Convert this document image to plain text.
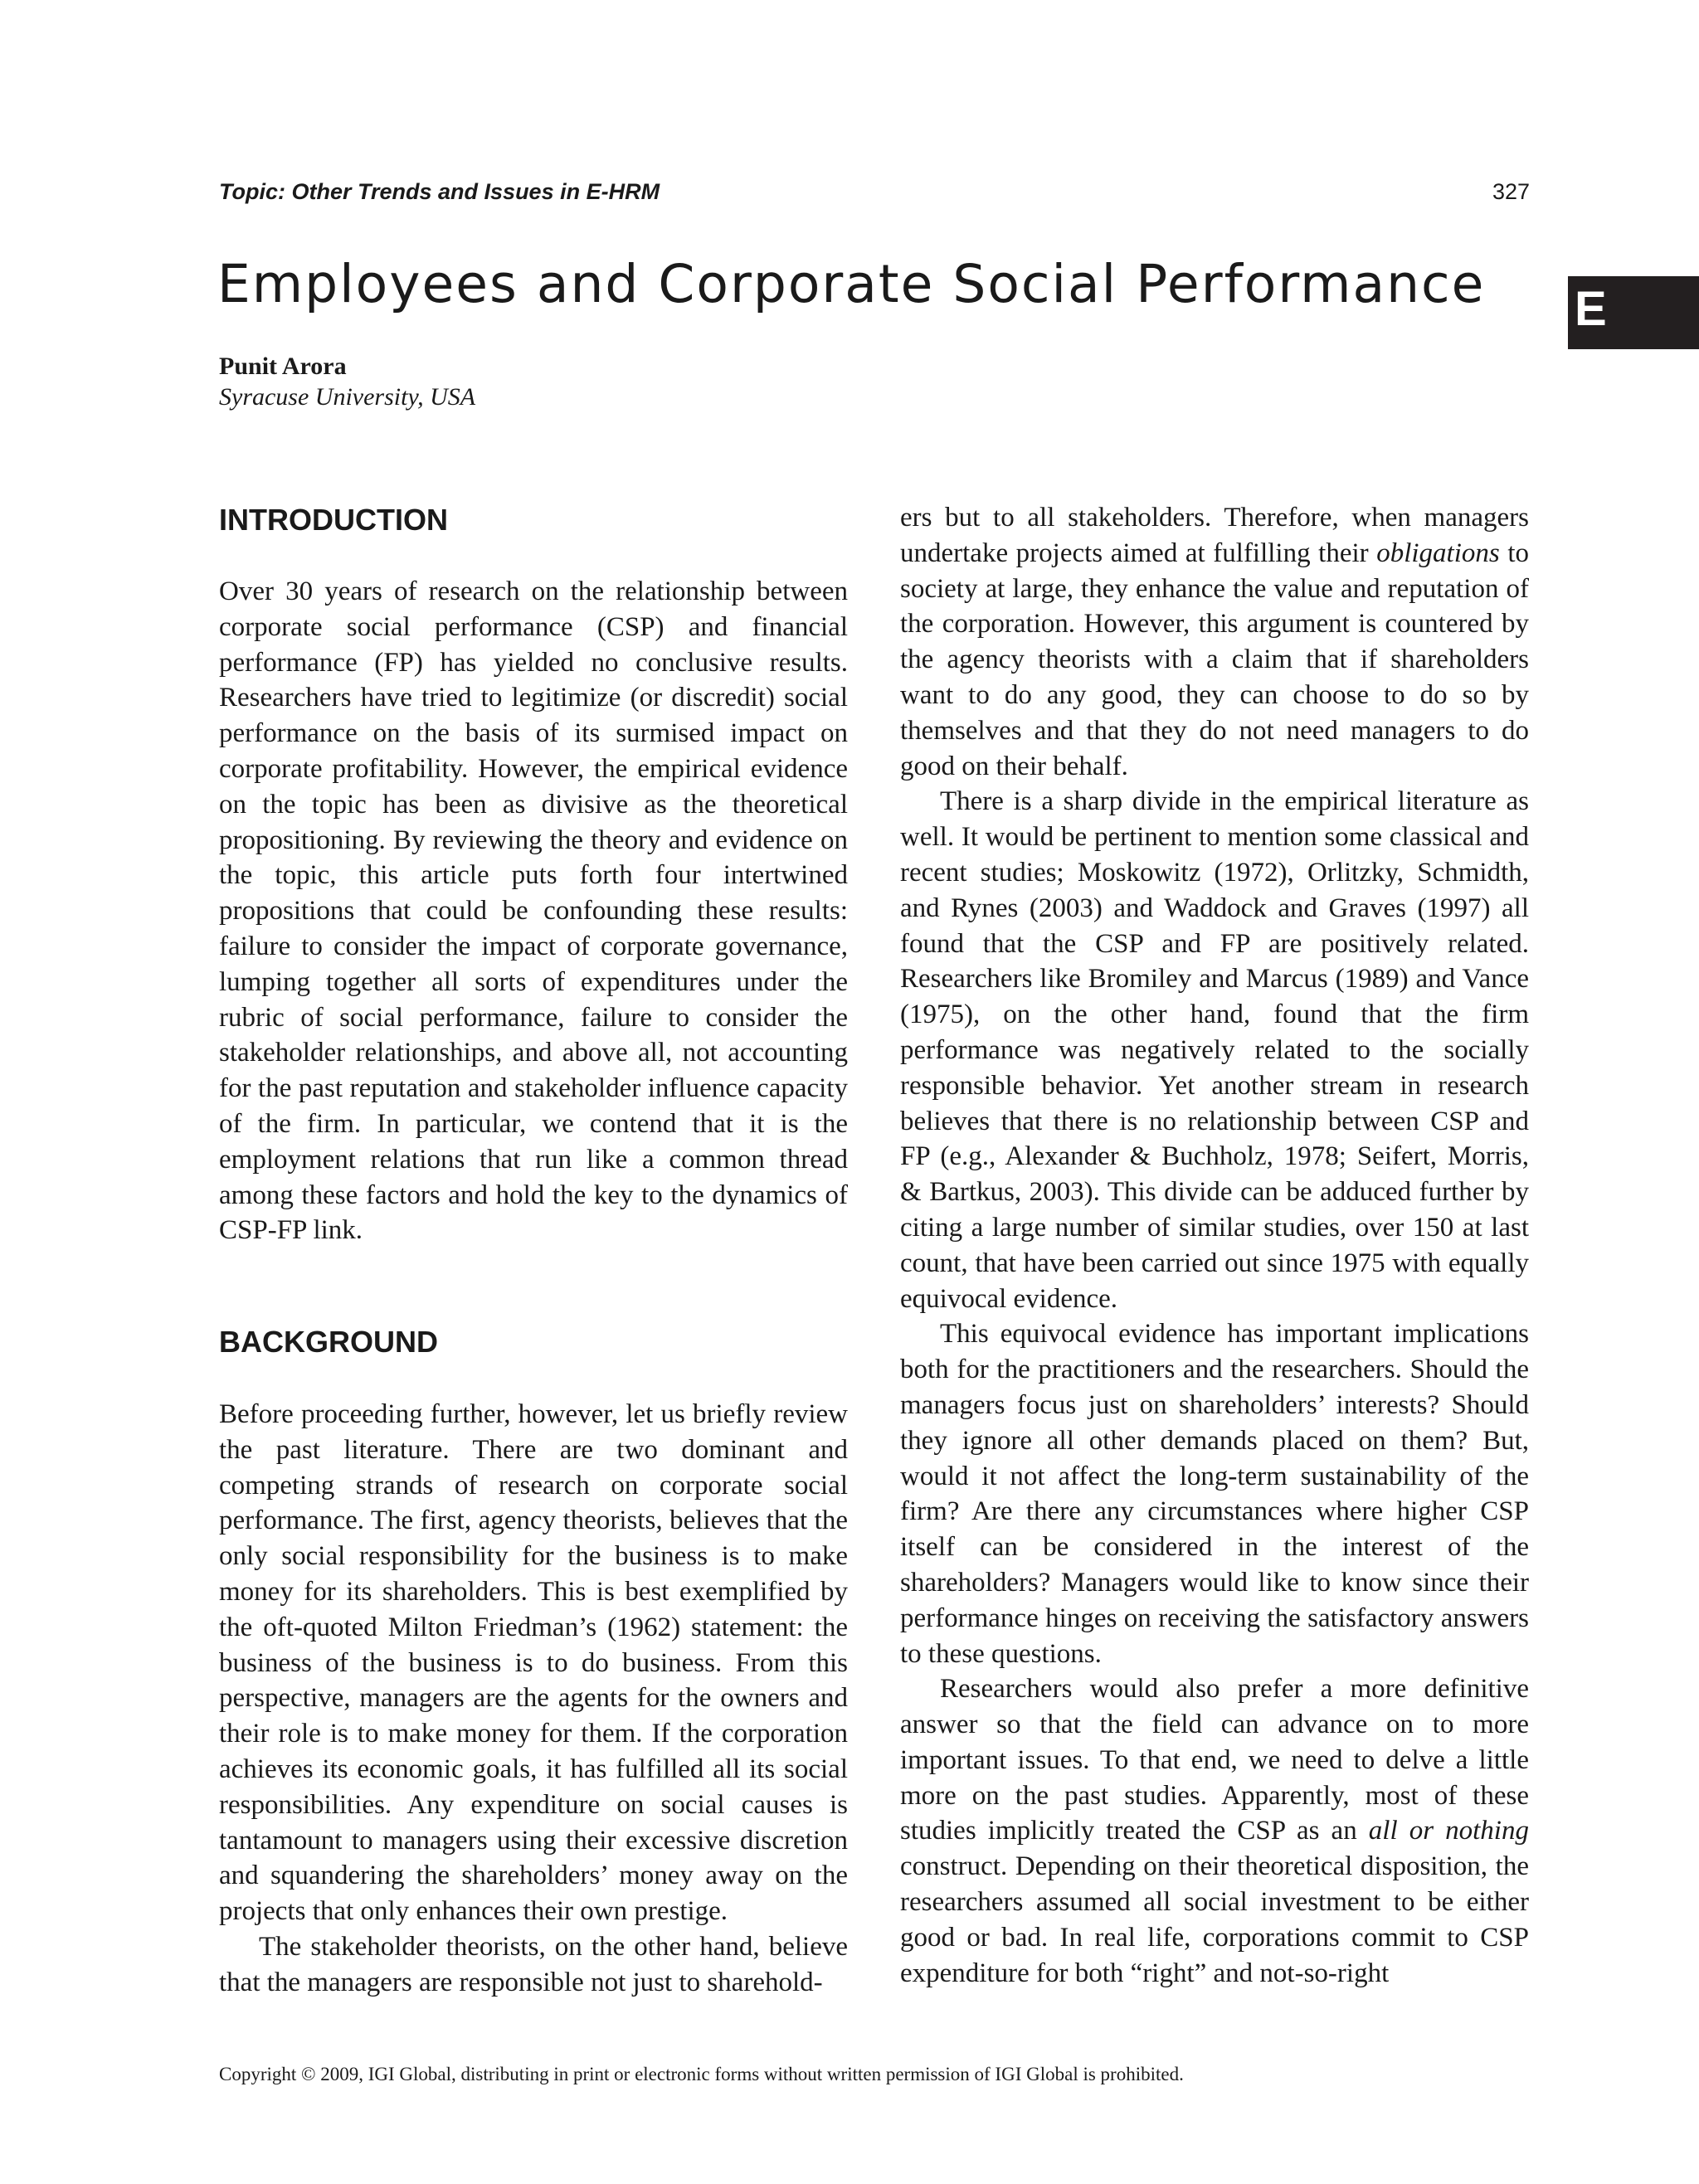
Topic: Other Trends and Issues in E-HRM	327
Employees and Corporate Social Performance E
Punit Arora
Syracuse University, USA
INTRODUCTION

Over 30 years of research on the relationship between corporate social performance (CSP) and financial performance (FP) has yielded no conclusive results. Researchers have tried to legitimize (or discredit) social performance on the basis of its surmised impact on corporate profitability. However, the empirical evidence on the topic has been as divisive as the theoretical propositioning. By reviewing the theory and evidence on the topic, this article puts forth four intertwined propositions that could be confounding these results: failure to consider the impact of corporate governance, lumping together all sorts of expenditures under the rubric of social performance, failure to consider the stakeholder relationships, and above all, not accounting for the past reputation and stakeholder influence capacity of the firm. In particular, we contend that it is the employment relations that run like a common thread among these factors and hold the key to the dynamics of CSP-FP link.

BACKGROUND

Before proceeding further, however, let us briefly review the past literature. There are two dominant and competing strands of research on corporate social performance. The first, agency theorists, believes that the only social responsibility for the business is to make money for its shareholders. This is best exemplified by the oft-quoted Milton Friedman’s (1962) statement: the business of the business is to do business. From this perspective, managers are the agents for the owners and their role is to make money for them. If the corporation achieves its economic goals, it has fulfilled all its social responsibilities. Any expenditure on social causes is tantamount to managers using their excessive discretion and squandering the shareholders’ money away on the projects that only enhances their own prestige.

The stakeholder theorists, on the other hand, believe that the managers are responsible not just to sharehold-

ers but to all stakeholders. Therefore, when managers undertake projects aimed at fulfilling their obligations to society at large, they enhance the value and reputation of the corporation. However, this argument is countered by the agency theorists with a claim that if shareholders want to do any good, they can choose to do so by themselves and that they do not need managers to do good on their behalf.

There is a sharp divide in the empirical literature as well. It would be pertinent to mention some classical and recent studies; Moskowitz (1972), Orlitzky, Schmidth, and Rynes (2003) and Waddock and Graves (1997) all found that the CSP and FP are positively related. Researchers like Bromiley and Marcus (1989) and Vance (1975), on the other hand, found that the firm performance was negatively related to the socially responsible behavior. Yet another stream in research believes that there is no relationship between CSP and FP (e.g., Alexander & Buchholz, 1978; Seifert, Morris, & Bartkus, 2003). This divide can be adduced further by citing a large number of similar studies, over 150 at last count, that have been carried out since 1975 with equally equivocal evidence.

This equivocal evidence has important implications both for the practitioners and the researchers. Should the managers focus just on shareholders’ interests? Should they ignore all other demands placed on them? But, would it not affect the long-term sustainability of the firm? Are there any circumstances where higher CSP itself can be considered in the interest of the shareholders? Managers would like to know since their performance hinges on receiving the satisfactory answers to these questions.

Researchers would also prefer a more definitive answer so that the field can advance on to more important issues. To that end, we need to delve a little more on the past studies. Apparently, most of these studies implicitly treated the CSP as an all or nothing construct. Depending on their theoretical disposition, the researchers assumed all social investment to be either good or bad. In real life, corporations commit to CSP expenditure for both “right” and not-so-right

Copyright © 2009, IGI Global, distributing in print or electronic forms without written permission of IGI Global is prohibited.
